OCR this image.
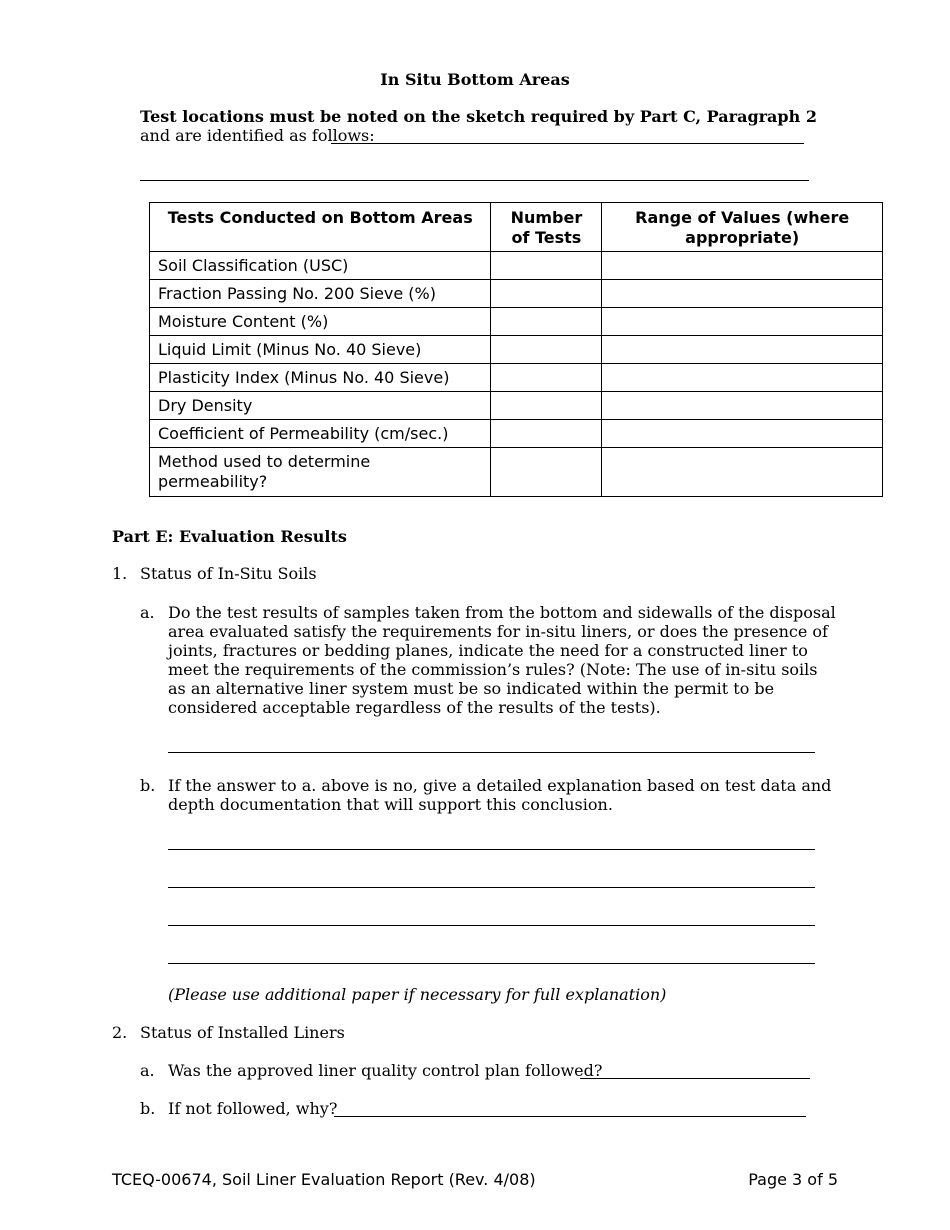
In Situ Bottom Areas
Test locations must be noted on the sketch required by Part C, Paragraph 2 and are identified as follows:
Tests Conducted on Bottom Areas	Number of Tests	Range of Values (where appropriate)
Soil Classification (USC)		
Fraction Passing No. 200 Sieve (%)		
Moisture Content (%)		
Liquid Limit (Minus No. 40 Sieve)		
Plasticity Index (Minus No. 40 Sieve)		
Dry Density		
Coefficient of Permeability (cm/sec.)		
Method used to determine permeability?		
Part E: Evaluation Results
1. Status of In-Situ Soils
a. Do the test results of samples taken from the bottom and sidewalls of the disposal area evaluated satisfy the requirements for in-situ liners, or does the presence of joints, fractures or bedding planes, indicate the need for a constructed liner to meet the requirements of the commission’s rules? (Note: The use of in-situ soils as an alternative liner system must be so indicated within the permit to be considered acceptable regardless of the results of the tests).
b. If the answer to a. above is no, give a detailed explanation based on test data and depth documentation that will support this conclusion.
(Please use additional paper if necessary for full explanation)
2. Status of Installed Liners
a. Was the approved liner quality control plan followed?
b. If not followed, why?
TCEQ-00674, Soil Liner Evaluation Report (Rev. 4/08)	Page 3 of 5
